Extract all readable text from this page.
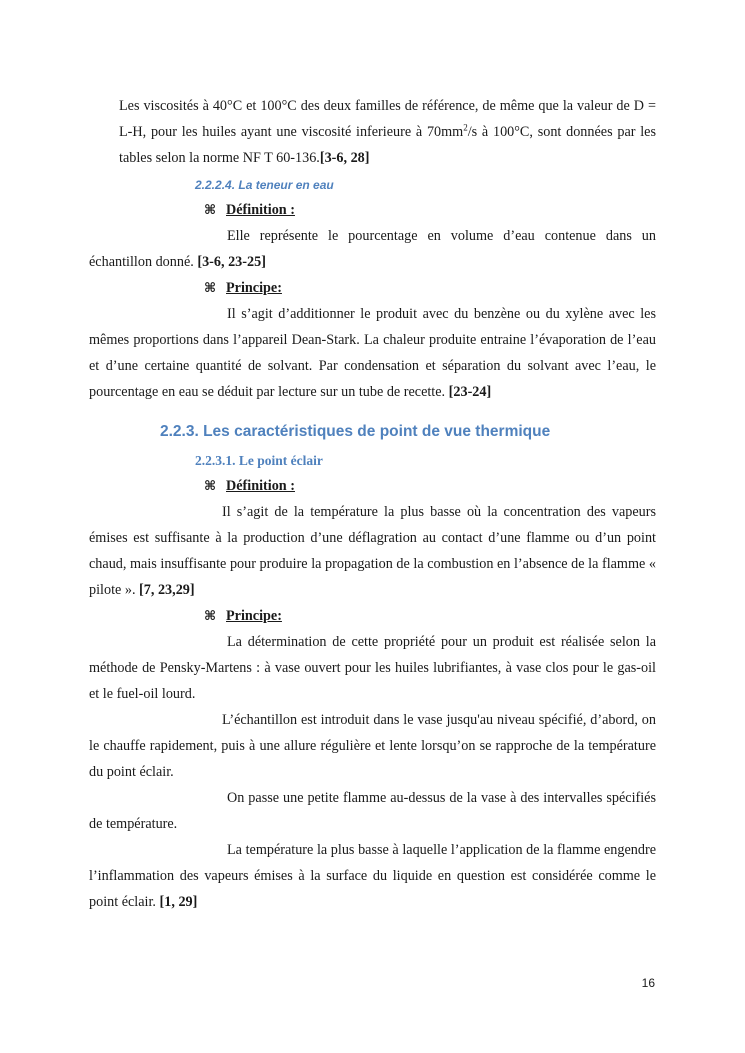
Les viscosités à 40°C et 100°C des deux familles de référence, de même que la valeur de D = L-H, pour les huiles ayant une viscosité inferieure à $70mm^2/s$ à 100°C, sont données par les tables selon la norme NF T 60-136.[3-6, 28]

2.2.2.4. La teneur en eau
⌘ Définition :

Elle représente le pourcentage en volume d’eau contenue dans un échantillon donné. [3-6, 23-25]

⌘ Principe:

Il s’agit d’additionner le produit avec du benzène ou du xylène avec les mêmes proportions dans l’appareil Dean-Stark. La chaleur produite entraine l’évaporation de l’eau et d’une certaine quantité de solvant. Par condensation et séparation du solvant avec l’eau, le pourcentage en eau se déduit par lecture sur un tube de recette. [23-24]

2.2.3. Les caractéristiques de point de vue thermique
2.2.3.1. Le point éclair
⌘ Définition :

Il s’agit de la température la plus basse où la concentration des vapeurs émises est suffisante à la production d’une déflagration au contact d’une flamme ou d’un point chaud, mais insuffisante pour produire la propagation de la combustion en l’absence de la flamme « pilote ». [7, 23,29]

⌘ Principe:

La détermination de cette propriété pour un produit est réalisée selon la méthode de Pensky-Martens : à vase ouvert pour les huiles lubrifiantes, à vase clos pour le gas-oil et le fuel-oil lourd.

L’échantillon est introduit dans le vase jusqu'au niveau spécifié, d’abord, on le chauffe rapidement, puis à une allure régulière et lente lorsqu’on se rapproche de la température du point éclair.

On passe une petite flamme au-dessus de la vase à des intervalles spécifiés de température.

La température la plus basse à laquelle l’application de la flamme engendre l’inflammation des vapeurs émises à la surface du liquide en question est considérée comme le point éclair. [1, 29]

16
